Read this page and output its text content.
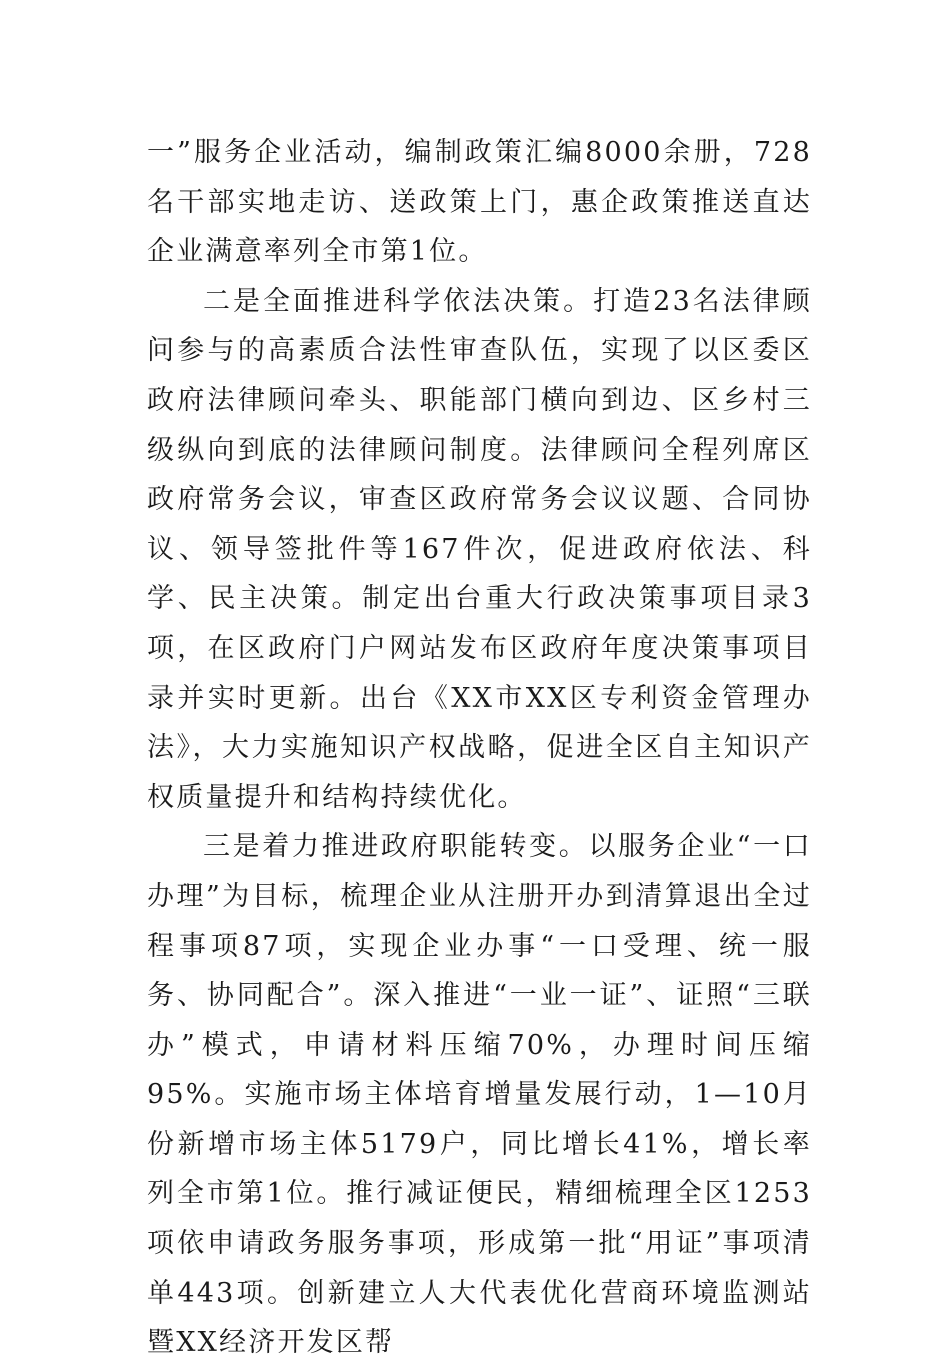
一”服务企业活动，编制政策汇编8000余册，728名干部实地走访、送政策上门，惠企政策推送直达企业满意率列全市第1位。

二是全面推进科学依法决策。打造23名法律顾问参与的高素质合法性审查队伍，实现了以区委区政府法律顾问牵头、职能部门横向到边、区乡村三级纵向到底的法律顾问制度。法律顾问全程列席区政府常务会议，审查区政府常务会议议题、合同协议、领导签批件等167件次，促进政府依法、科学、民主决策。制定出台重大行政决策事项目录3项，在区政府门户网站发布区政府年度决策事项目录并实时更新。出台《XX市XX区专利资金管理办法》，大力实施知识产权战略，促进全区自主知识产权质量提升和结构持续优化。

三是着力推进政府职能转变。以服务企业“一口办理”为目标，梳理企业从注册开办到清算退出全过程事项87项，实现企业办事“一口受理、统一服务、协同配合”。深入推进“一业一证”、证照“三联办”模式，申请材料压缩70%，办理时间压缩95%。实施市场主体培育增量发展行动，1—10月份新增市场主体5179户，同比增长41%，增长率列全市第1位。推行减证便民，精细梳理全区1253项依申请政务服务事项，形成第一批“用证”事项清单443项。创新建立人大代表优化营商环境监测站暨XX经济开发区帮
